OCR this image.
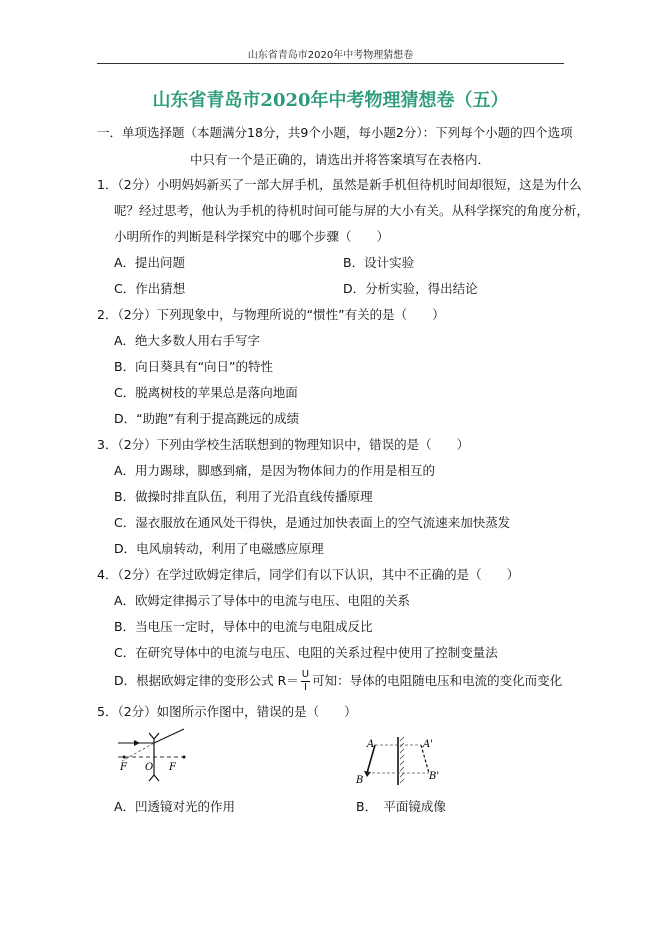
山东省青岛市2020年中考物理猜想卷
山东省青岛市2020年中考物理猜想卷（五）
一．单项选择题（本题满分18分，共9个小题，每小题2分）：下列每个小题的四个选项
中只有一个是正确的，请选出并将答案填写在表格内．
1．（2分）小明妈妈新买了一部大屏手机，虽然是新手机但待机时间却很短，这是为什么
呢？经过思考，他认为手机的待机时间可能与屏的大小有关。从科学探究的角度分析，
小明所作的判断是科学探究中的哪个步骤（　　）
A．提出问题	B．设计实验
C．作出猜想	D．分析实验，得出结论
2．（2分）下列现象中，与物理所说的“惯性”有关的是（　　）
A．绝大多数人用右手写字
B．向日葵具有“向日”的特性
C．脱离树枝的苹果总是落向地面
D．“助跑”有利于提高跳远的成绩
3．（2分）下列由学校生活联想到的物理知识中，错误的是（　　）
A．用力踢球，脚感到痛，是因为物体间力的作用是相互的
B．做操时排直队伍，利用了光沿直线传播原理
C．湿衣服放在通风处干得快，是通过加快表面上的空气流速来加快蒸发
D．电风扇转动，利用了电磁感应原理
4．（2分）在学过欧姆定律后，同学们有以下认识，其中不正确的是（　　）
A．欧姆定律揭示了导体中的电流与电压、电阻的关系
B．当电压一定时，导体中的电流与电阻成反比
C．在研究导体中的电流与电压、电阻的关系过程中使用了控制变量法
D．根据欧姆定律的变形公式 $R= \frac{U}{I}$ 可知：导体的电阻随电压和电流的变化而变化
5．（2分）如图所示作图中，错误的是（　　）
F O F
A	A'
B	B'
A．凹透镜对光的作用	B．　平面镜成像
